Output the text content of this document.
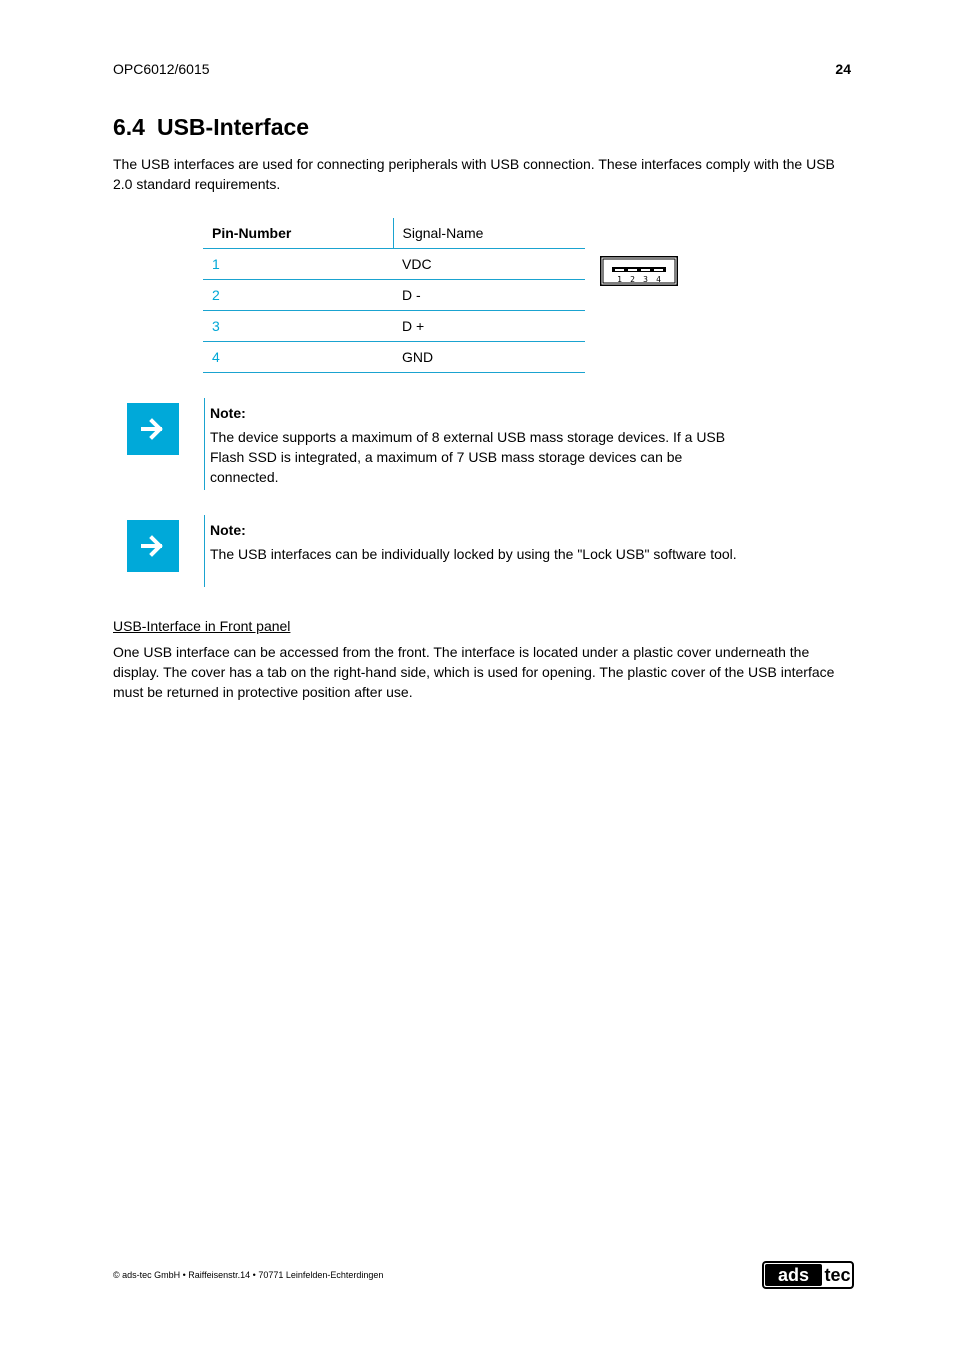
OPC6012/6015	24
6.4 USB-Interface
The USB interfaces are used for connecting peripherals with USB connection. These interfaces comply with the USB 2.0 standard requirements.
Pin-Number	Signal-Name
1	VDC
2	D -
3	D +
4	GND
1 2 3 4
Note:
The device supports a maximum of 8 external USB mass storage devices. If a USB Flash SSD is integrated, a maximum of 7 USB mass storage devices can be connected.
Note:
The USB interfaces can be individually locked by using the "Lock USB" software tool.
USB-Interface in Front panel
One USB interface can be accessed from the front. The interface is located under a plastic cover underneath the display. The cover has a tab on the right-hand side, which is used for opening. The plastic cover of the USB interface must be returned in protective position after use.
© ads-tec GmbH • Raiffeisenstr.14 • 70771 Leinfelden-Echterdingen	ads tec
